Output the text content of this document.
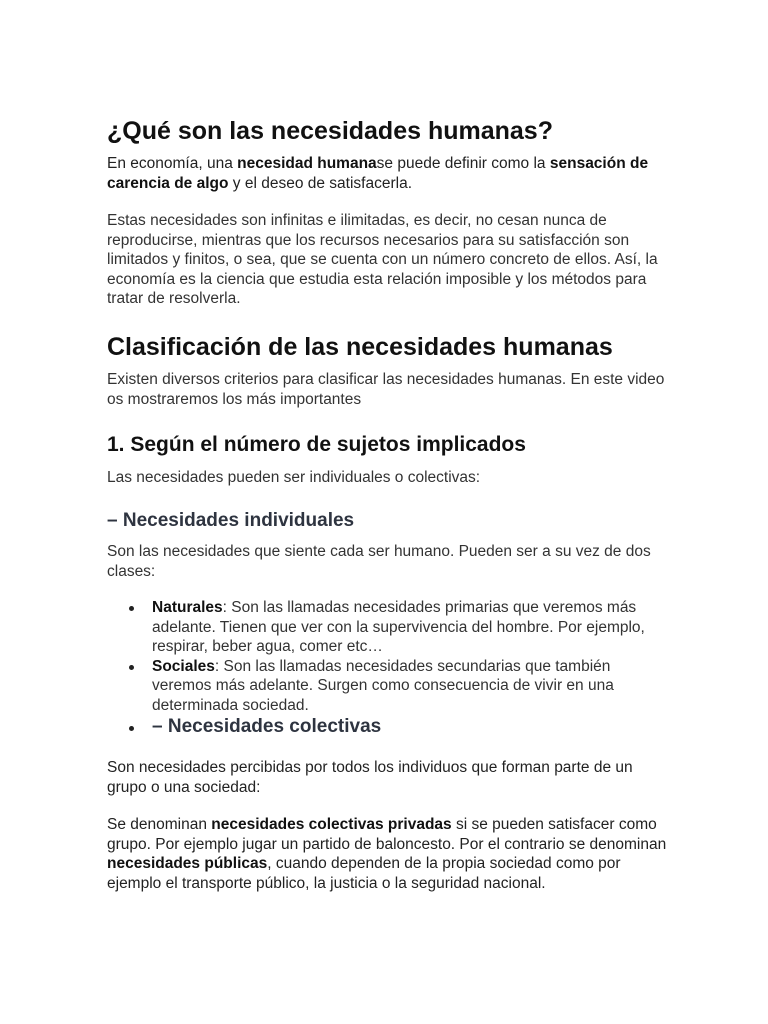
¿Qué son las necesidades humanas?

En economía, una necesidad humanase puede definir como la sensación de carencia de algo y el deseo de satisfacerla.

Estas necesidades son infinitas e ilimitadas, es decir, no cesan nunca de reproducirse, mientras que los recursos necesarios para su satisfacción son limitados y finitos, o sea, que se cuenta con un número concreto de ellos. Así, la economía es la ciencia que estudia esta relación imposible y los métodos para tratar de resolverla.

Clasificación de las necesidades humanas

Existen diversos criterios para clasificar las necesidades humanas. En este video os mostraremos los más importantes

1. Según el número de sujetos implicados

Las necesidades pueden ser individuales o colectivas:

– Necesidades individuales

Son las necesidades que siente cada ser humano. Pueden ser a su vez de dos clases:

Naturales: Son las llamadas necesidades primarias que veremos más adelante. Tienen que ver con la supervivencia del hombre. Por ejemplo, respirar, beber agua, comer etc…
Sociales: Son las llamadas necesidades secundarias que también veremos más adelante. Surgen como consecuencia de vivir en una determinada sociedad.
– Necesidades colectivas

Son necesidades percibidas por todos los individuos que forman parte de un grupo o una sociedad:

Se denominan necesidades colectivas privadas si se pueden satisfacer como grupo. Por ejemplo jugar un partido de baloncesto. Por el contrario se denominan necesidades públicas, cuando dependen de la propia sociedad como por ejemplo el transporte público, la justicia o la seguridad nacional.
